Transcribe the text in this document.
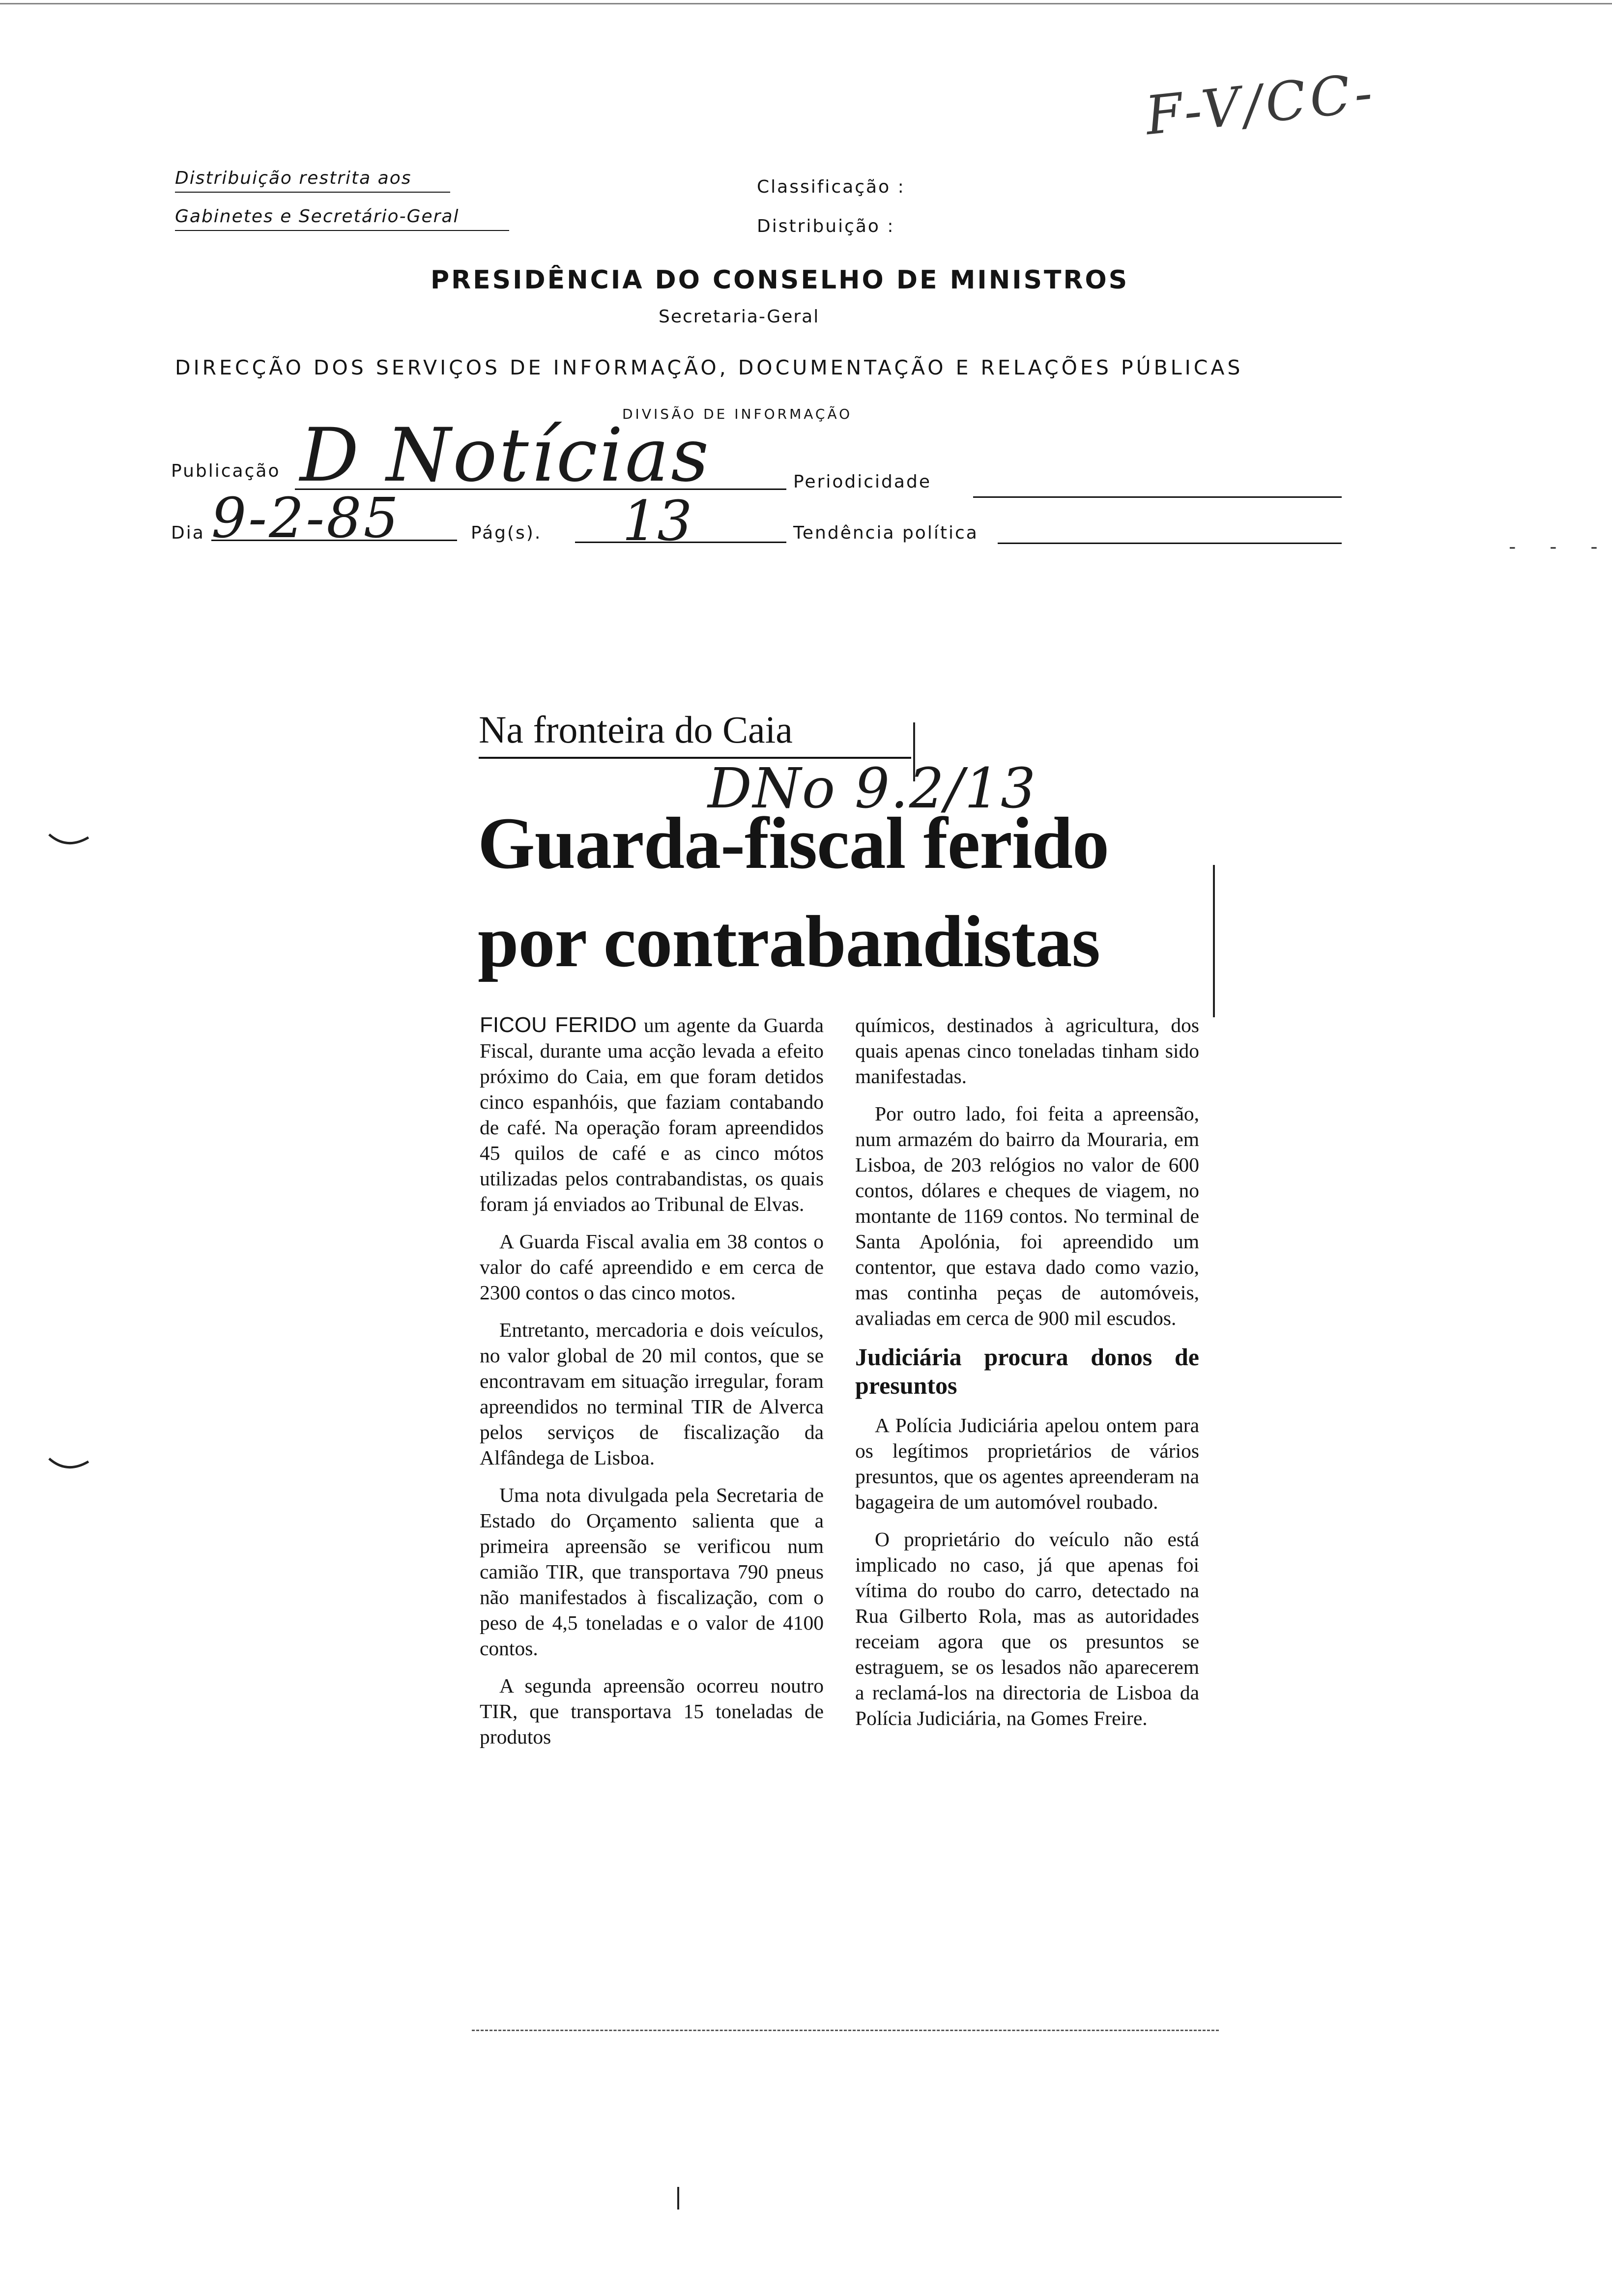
- - -
F-V/CC-
Distribuição restrita aos
Gabinetes e Secretário-Geral
Classificação :
Distribuição :
PRESIDÊNCIA DO CONSELHO DE MINISTROS
Secretaria-Geral
DIRECÇÃO DOS SERVIÇOS DE INFORMAÇÃO, DOCUMENTAÇÃO E RELAÇÕES PÚBLICAS
DIVISÃO DE INFORMAÇÃO
Publicação D Notícias	Periodicidade
Dia 9-2-85	Pág(s). 13	Tendência política
Na fronteira do Caia
DNo 9.2/13
Guarda-fiscal ferido
por contrabandistas

FICOU FERIDO um agente da Guarda Fiscal, durante uma acção levada a efeito próximo do Caia, em que foram detidos cinco espanhóis, que faziam contabando de café. Na operação foram apreendidos 45 quilos de café e as cinco mótos utilizadas pelos contrabandistas, os quais foram já enviados ao Tribunal de Elvas.

A Guarda Fiscal avalia em 38 contos o valor do café apreendido e em cerca de 2300 contos o das cinco motos.

Entretanto, mercadoria e dois veículos, no valor global de 20 mil contos, que se encontravam em situação irregular, foram apreendidos no terminal TIR de Alverca pelos serviços de fiscalização da Alfândega de Lisboa.

Uma nota divulgada pela Secretaria de Estado do Orçamento salienta que a primeira apreensão se verificou num camião TIR, que transportava 790 pneus não manifestados à fiscalização, com o peso de 4,5 toneladas e o valor de 4100 contos.

A segunda apreensão ocorreu noutro TIR, que transportava 15 toneladas de produtos

químicos, destinados à agricultura, dos quais apenas cinco toneladas tinham sido manifestadas.

Por outro lado, foi feita a apreensão, num armazém do bairro da Mouraria, em Lisboa, de 203 relógios no valor de 600 contos, dólares e cheques de viagem, no montante de 1169 contos. No terminal de Santa Apolónia, foi apreendido um contentor, que estava dado como vazio, mas continha peças de automóveis, avaliadas em cerca de 900 mil escudos.

Judiciária procura donos de presuntos

A Polícia Judiciária apelou ontem para os legítimos proprietários de vários presuntos, que os agentes apreenderam na bagageira de um automóvel roubado.

O proprietário do veículo não está implicado no caso, já que apenas foi vítima do roubo do carro, detectado na Rua Gilberto Rola, mas as autoridades receiam agora que os presuntos se estraguem, se os lesados não aparecerem a reclamá-los na directoria de Lisboa da Polícia Judiciária, na Gomes Freire.
